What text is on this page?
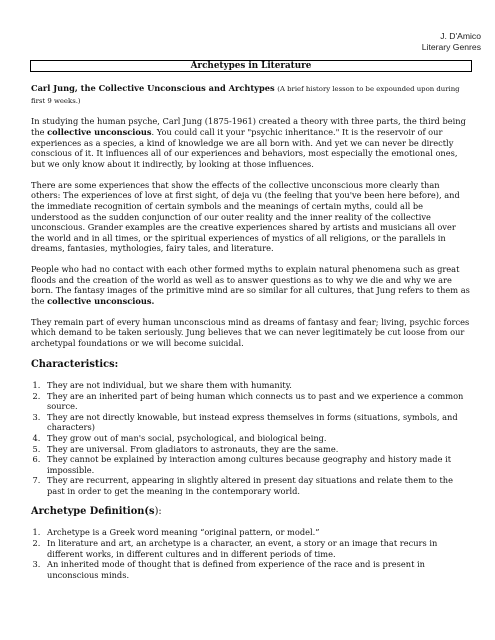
J. D'Amico
Literary Genres
Archetypes in Literature

Carl Jung, the Collective Unconscious and Archtypes (A brief history lesson to be expounded upon during first 9 weeks.)

In studying the human psyche, Carl Jung (1875-1961) created a theory with three parts, the third being the collective unconscious. You could call it your "psychic inheritance." It is the reservoir of our experiences as a species, a kind of knowledge we are all born with. And yet we can never be directly conscious of it. It influences all of our experiences and behaviors, most especially the emotional ones, but we only know about it indirectly, by looking at those influences.

There are some experiences that show the effects of the collective unconscious more clearly than others: The experiences of love at first sight, of deja vu (the feeling that you've been here before), and the immediate recognition of certain symbols and the meanings of certain myths, could all be understood as the sudden conjunction of our outer reality and the inner reality of the collective unconscious. Grander examples are the creative experiences shared by artists and musicians all over the world and in all times, or the spiritual experiences of mystics of all religions, or the parallels in dreams, fantasies, mythologies, fairy tales, and literature.

People who had no contact with each other formed myths to explain natural phenomena such as great floods and the creation of the world as well as to answer questions as to why we die and why we are born. The fantasy images of the primitive mind are so similar for all cultures, that Jung refers to them as the collective unconscious.

They remain part of every human unconscious mind as dreams of fantasy and fear; living, psychic forces which demand to be taken seriously. Jung believes that we can never legitimately be cut loose from our archetypal foundations or we will become suicidal.

Characteristics:
1. They are not individual, but we share them with humanity.
2. They are an inherited part of being human which connects us to past and we experience a common source.
3. They are not directly knowable, but instead express themselves in forms (situations, symbols, and characters)
4. They grow out of man's social, psychological, and biological being.
5. They are universal. From gladiators to astronauts, they are the same.
6. They cannot be explained by interaction among cultures because geography and history made it impossible.
7. They are recurrent, appearing in slightly altered in present day situations and relate them to the past in order to get the meaning in the contemporary world.
Archetype Definition(s):
1. Archetype is a Greek word meaning “original pattern, or model.”
2. In literature and art, an archetype is a character, an event, a story or an image that recurs in different works, in different cultures and in different periods of time.
3. An inherited mode of thought that is defined from experience of the race and is present in unconscious minds.
